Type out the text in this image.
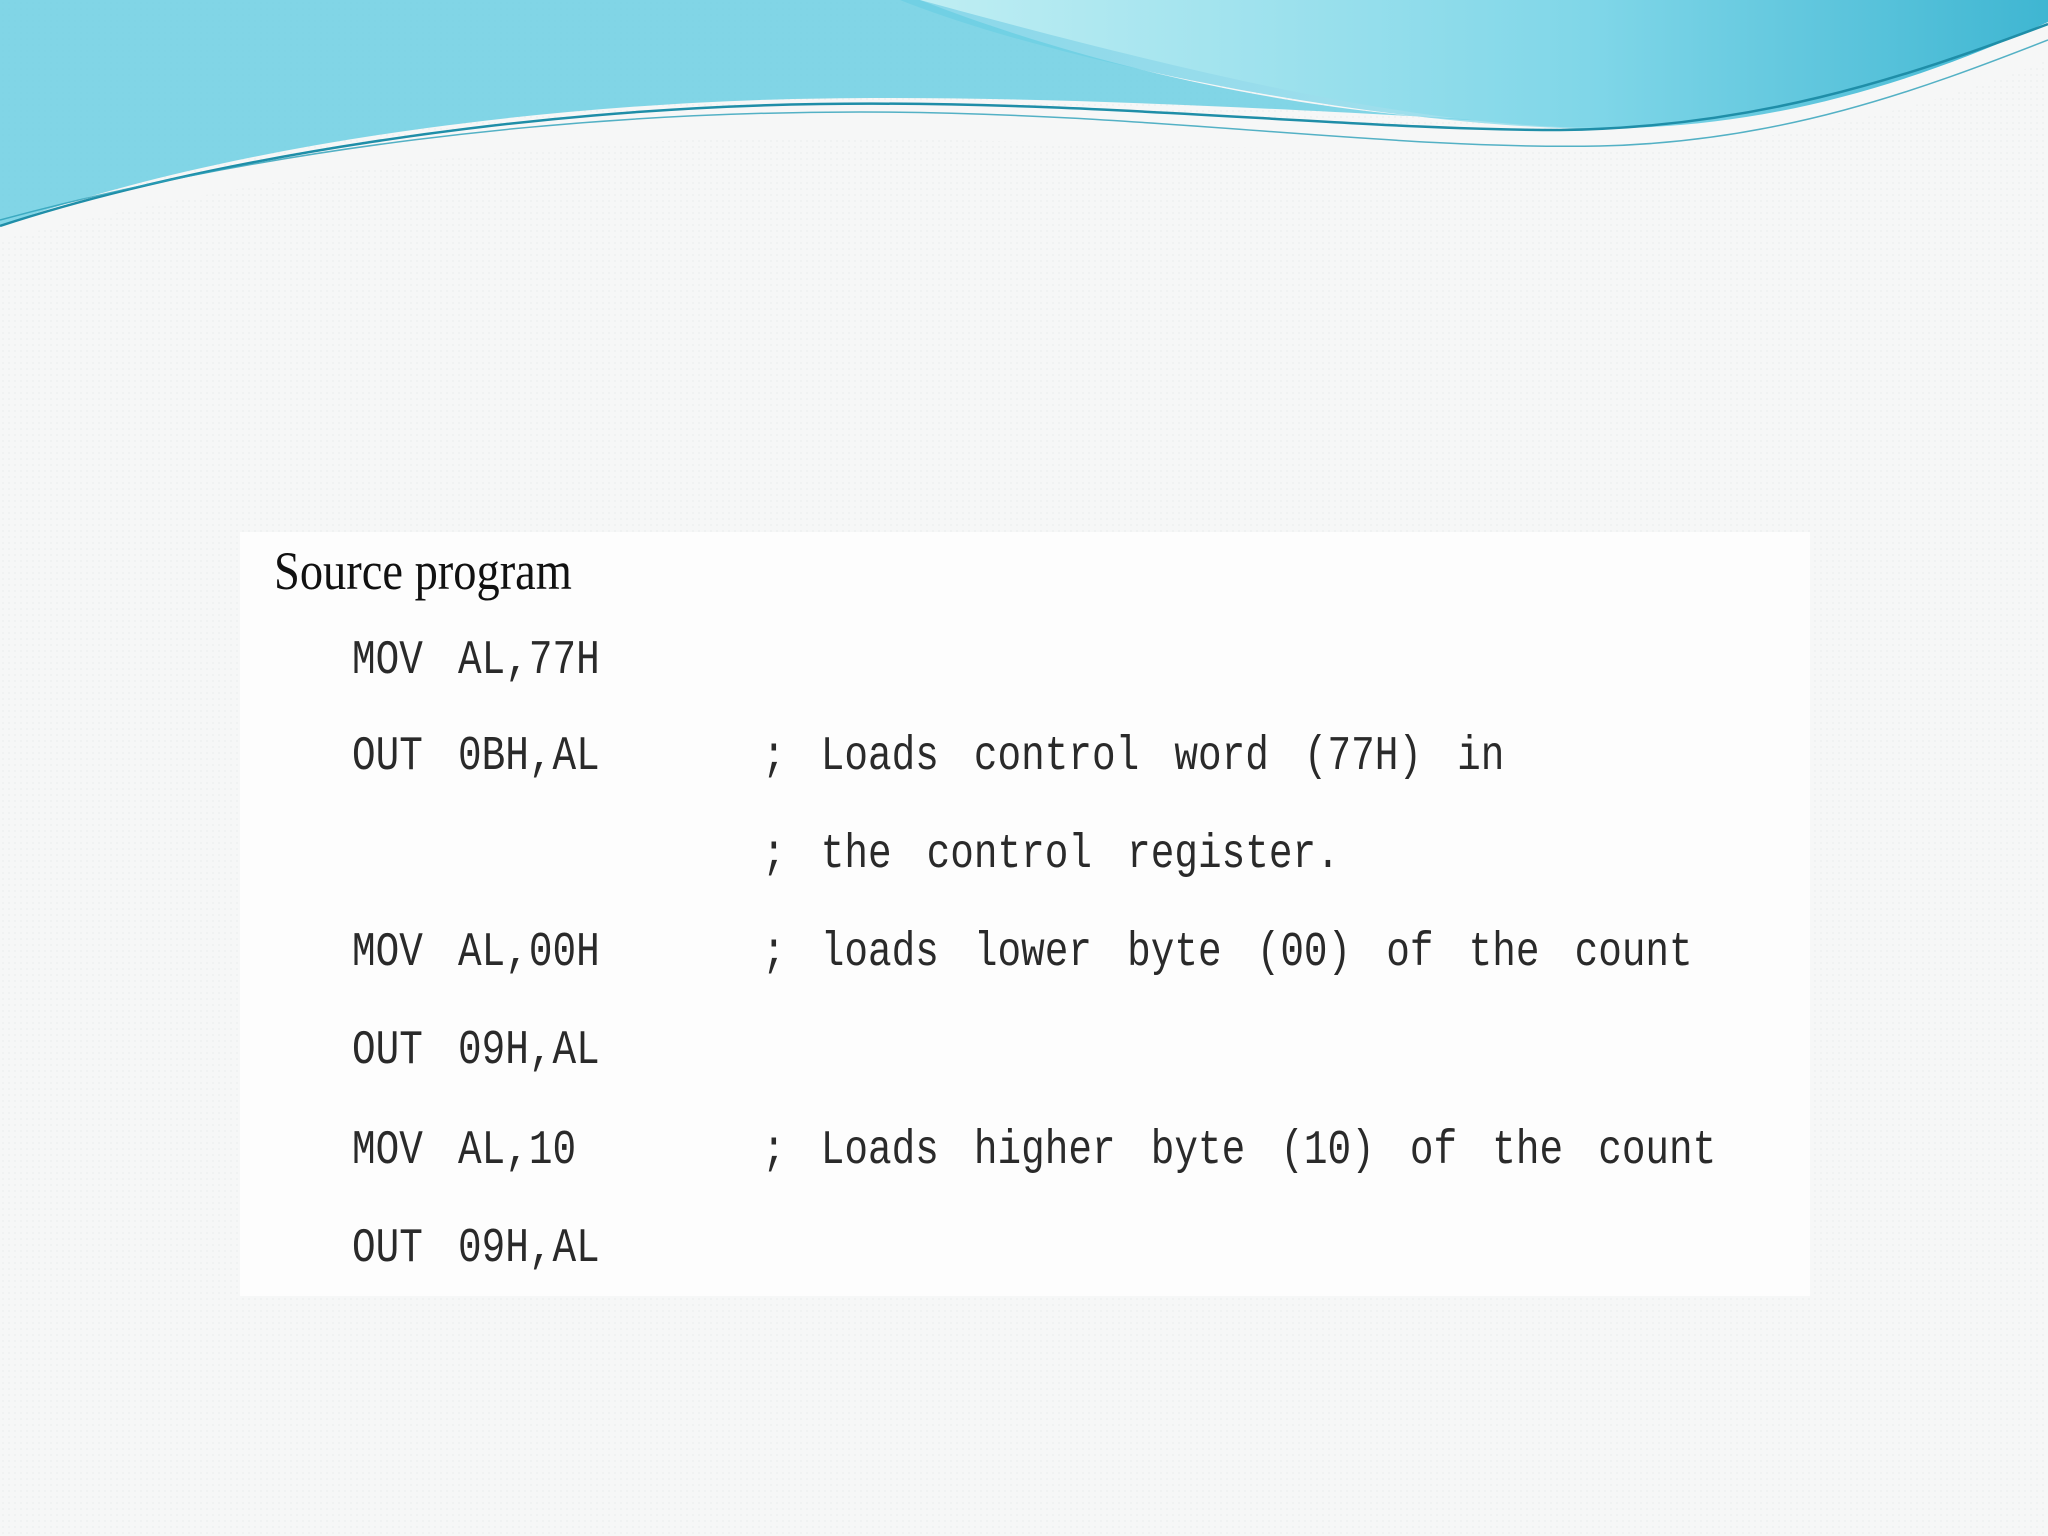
Source program
MOV AL,77H
OUT 0BH,AL	; Loads control word (77H) in
; the control register.
MOV AL,00H	; loads lower byte (00) of the count
OUT 09H,AL
MOV AL,10	; Loads higher byte (10) of the count
OUT 09H,AL
